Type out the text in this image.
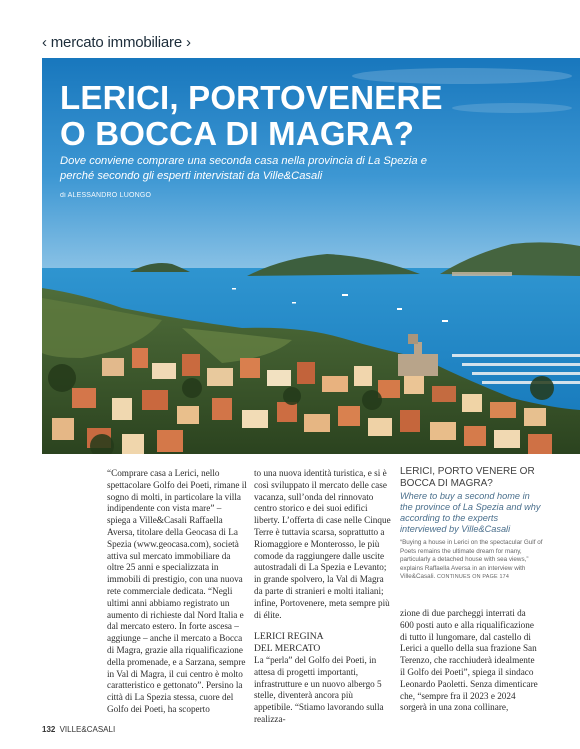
‹ mercato immobiliare ›
LERICI, PORTOVENERE
O BOCCA DI MAGRA?

Dove conviene comprare una seconda casa nella provincia di La Spezia e perché secondo gli esperti intervistati da Ville&Casali

di ALESSANDRO LUONGO

“Comprare casa a Lerici, nello spettacolare Golfo dei Poeti, rimane il sogno di molti, in particolare la villa indipendente con vista mare” – spiega a Ville&Casali Raffaella Aversa, titolare della Geocasa di La Spezia (www.geocasa.com), società attiva sul mercato immobiliare da oltre 25 anni e specializzata in immobili di prestigio, con una nuova rete commerciale dedicata. “Negli ultimi anni abbiamo registrato un aumento di richieste dal Nord Italia e dal mercato estero. In forte ascesa – aggiunge – anche il mercato a Bocca di Magra, grazie alla riqualificazione della promenade, e a Sarzana, sempre in Val di Magra, il cui centro è molto caratteristico e gettonato”. Persino la città di La Spezia stessa, cuore del Golfo dei Poeti, ha scoperto

to una nuova identità turistica, e si è così sviluppato il mercato delle case vacanza, sull’onda del rinnovato centro storico e dei suoi edifici liberty. L’offerta di case nelle Cinque Terre è tuttavia scarsa, soprattutto a Riomaggiore e Monterosso, le più comode da raggiungere dalle uscite autostradali di La Spezia e Levanto; in grande spolvero, la Val di Magra da parte di stranieri e molti italiani; infine, Portovenere, meta sempre più di élite.

LERICI REGINA
DEL MERCATO

La “perla” del Golfo dei Poeti, in attesa di progetti importanti, infrastrutture e un nuovo albergo 5 stelle, diventerà ancora più appetibile. “Stiamo lavorando sulla realizza-

LERICI, PORTO VENERE OR BOCCA DI MAGRA?

Where to buy a second home in the province of La Spezia and why according to the experts interviewed by Ville&Casali

“Buying a house in Lerici on the spectacular Gulf of Poets remains the ultimate dream for many, particularly a detached house with sea views,” explains Raffaella Aversa in an interview with Ville&Casali. CONTINUES ON PAGE 174

zione di due parcheggi interrati da 600 posti auto e alla riqualificazione di tutto il lungomare, dal castello di Lerici a quello della sua frazione San Terenzo, che racchiuderà idealmente il Golfo dei Poeti”, spiega il sindaco Leonardo Paoletti. Senza dimenticare che, “sempre fra il 2023 e 2024 sorgerà in una zona collinare,

132 VILLE&CASALI
